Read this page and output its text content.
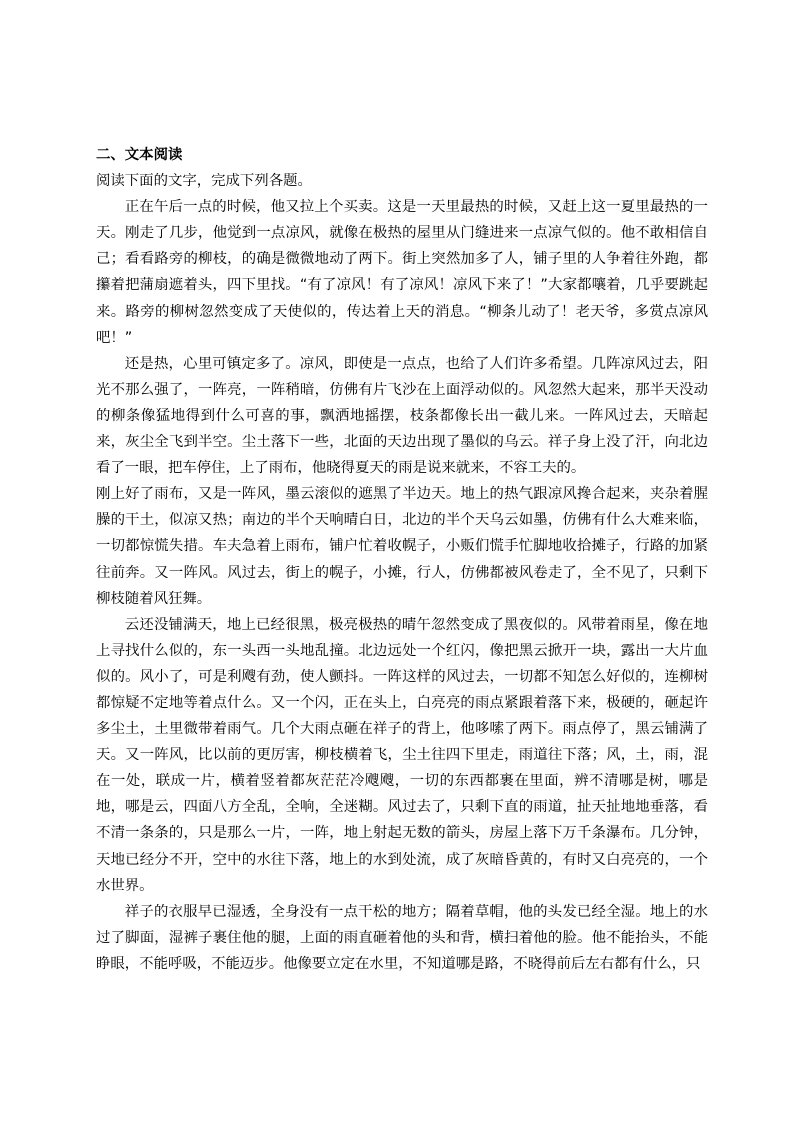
二、文本阅读

阅读下面的文字，完成下列各题。

正在午后一点的时候，他又拉上个买卖。这是一天里最热的时候，又赶上这一夏里最热的一天。刚走了几步，他觉到一点凉风，就像在极热的屋里从门缝进来一点凉气似的。他不敢相信自己；看看路旁的柳枝，的确是微微地动了两下。街上突然加多了人，铺子里的人争着往外跑，都攥着把蒲扇遮着头，四下里找。“有了凉风！有了凉风！凉风下来了！”大家都嚷着，几乎要跳起来。路旁的柳树忽然变成了天使似的，传达着上天的消息。“柳条儿动了！老天爷，多赏点凉风吧！”

还是热，心里可镇定多了。凉风，即使是一点点，也给了人们许多希望。几阵凉风过去，阳光不那么强了，一阵亮，一阵稍暗，仿佛有片飞沙在上面浮动似的。风忽然大起来，那半天没动的柳条像猛地得到什么可喜的事，飘洒地摇摆，枝条都像长出一截儿来。一阵风过去，天暗起来，灰尘全飞到半空。尘土落下一些，北面的天边出现了墨似的乌云。祥子身上没了汗，向北边看了一眼，把车停住，上了雨布，他晓得夏天的雨是说来就来，不容工夫的。

刚上好了雨布，又是一阵风，墨云滚似的遮黑了半边天。地上的热气跟凉风搀合起来，夹杂着腥臊的干土，似凉又热；南边的半个天响晴白日，北边的半个天乌云如墨，仿佛有什么大难来临，一切都惊慌失措。车夫急着上雨布，铺户忙着收幌子，小贩们慌手忙脚地收拾摊子，行路的加紧往前奔。又一阵风。风过去，街上的幌子，小摊，行人，仿佛都被风卷走了，全不见了，只剩下柳枝随着风狂舞。

云还没铺满天，地上已经很黑，极亮极热的晴午忽然变成了黑夜似的。风带着雨星，像在地上寻找什么似的，东一头西一头地乱撞。北边远处一个红闪，像把黑云掀开一块，露出一大片血似的。风小了，可是利飕有劲，使人颤抖。一阵这样的风过去，一切都不知怎么好似的，连柳树都惊疑不定地等着点什么。又一个闪，正在头上，白亮亮的雨点紧跟着落下来，极硬的，砸起许多尘土，土里微带着雨气。几个大雨点砸在祥子的背上，他哆嗦了两下。雨点停了，黑云铺满了天。又一阵风，比以前的更厉害，柳枝横着飞，尘土往四下里走，雨道往下落；风，土，雨，混在一处，联成一片，横着竖着都灰茫茫冷飕飕，一切的东西都裹在里面，辨不清哪是树，哪是地，哪是云，四面八方全乱，全响，全迷糊。风过去了，只剩下直的雨道，扯天扯地地垂落，看不清一条条的，只是那么一片，一阵，地上射起无数的箭头，房屋上落下万千条瀑布。几分钟，天地已经分不开，空中的水往下落，地上的水到处流，成了灰暗昏黄的，有时又白亮亮的，一个水世界。

祥子的衣服早已湿透，全身没有一点干松的地方；隔着草帽，他的头发已经全湿。地上的水过了脚面，湿裤子裹住他的腿，上面的雨直砸着他的头和背，横扫着他的脸。他不能抬头，不能睁眼，不能呼吸，不能迈步。他像要立定在水里，不知道哪是路，不晓得前后左右都有什么，只
